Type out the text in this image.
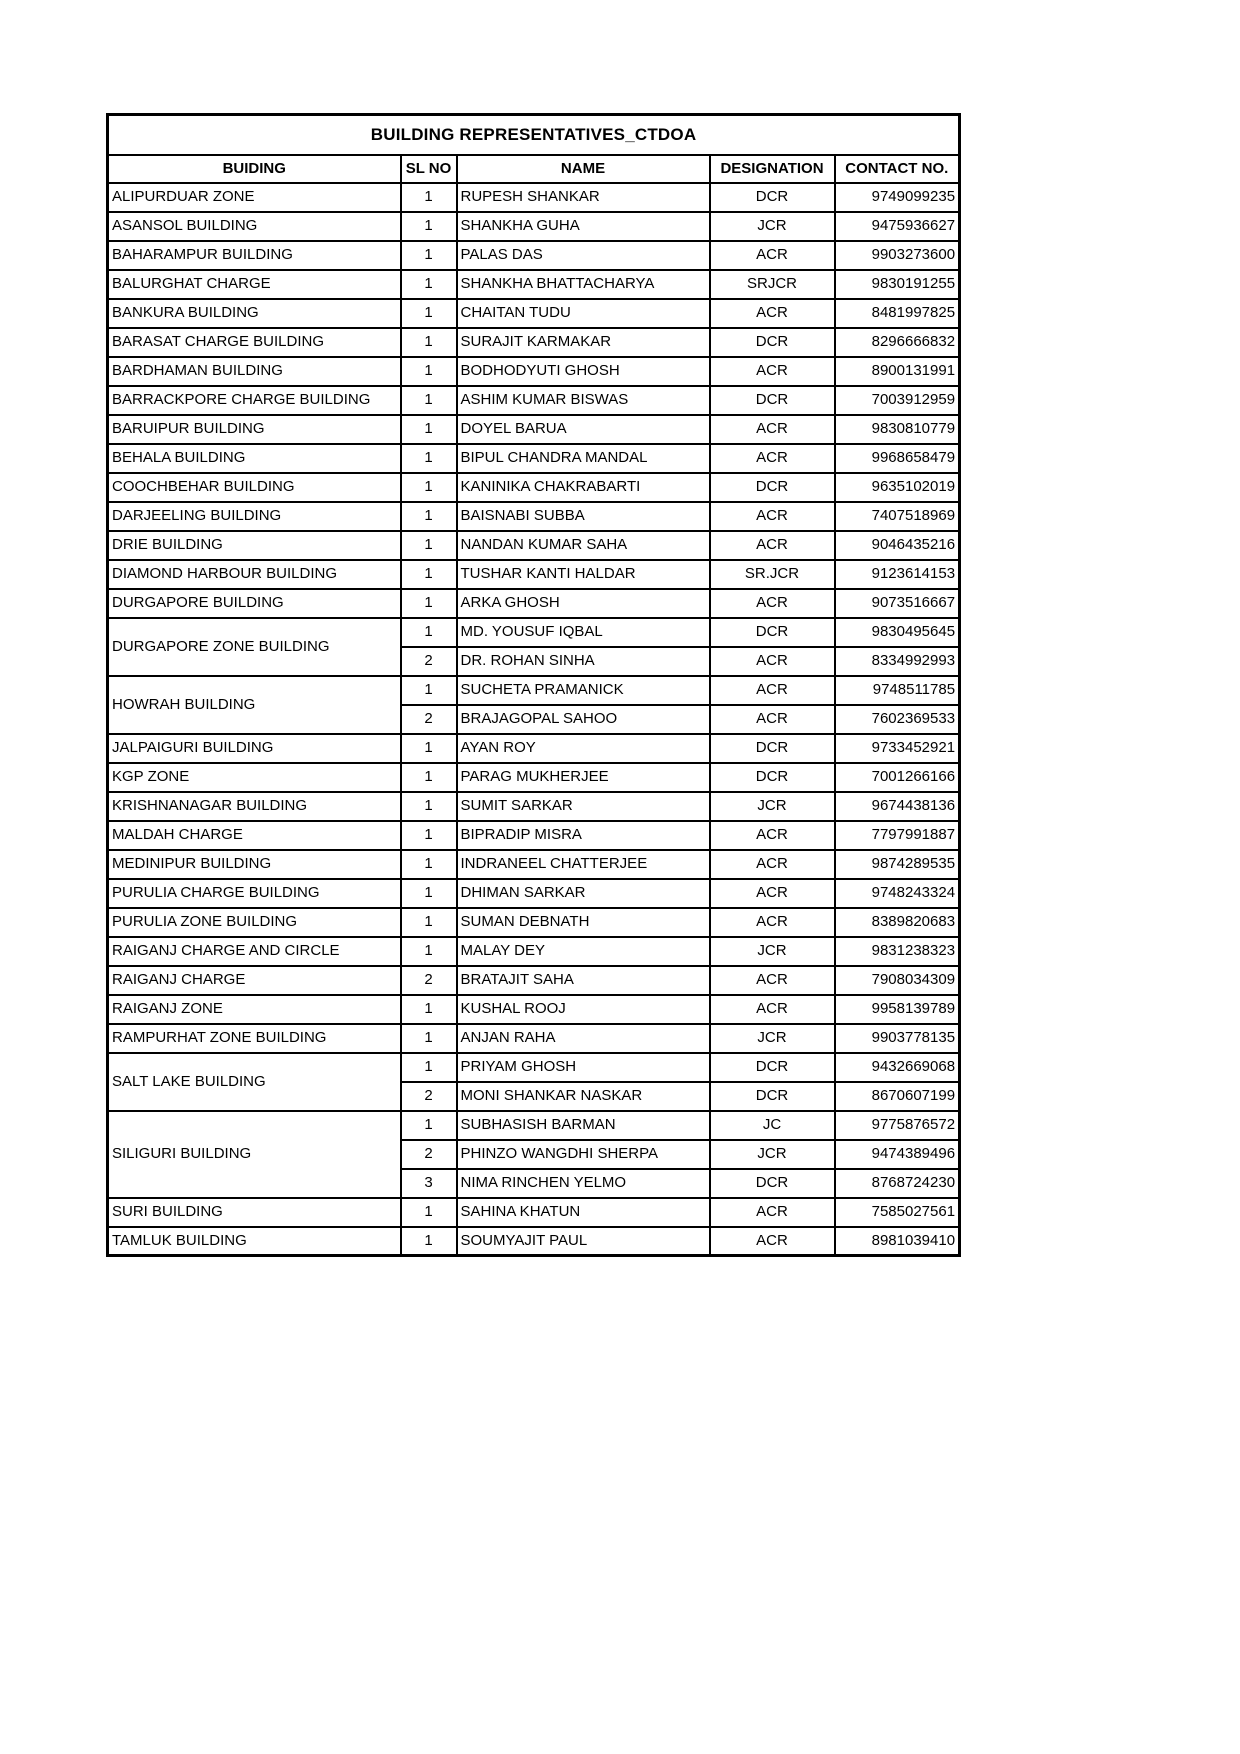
BUILDING REPRESENTATIVES_CTDOA				
BUIDING	SL NO	NAME	DESIGNATION	CONTACT NO.
ALIPURDUAR ZONE	1	RUPESH SHANKAR	DCR	9749099235
ASANSOL BUILDING	1	SHANKHA GUHA	JCR	9475936627
BAHARAMPUR BUILDING	1	PALAS DAS	ACR	9903273600
BALURGHAT CHARGE	1	SHANKHA BHATTACHARYA	SRJCR	9830191255
BANKURA BUILDING	1	CHAITAN TUDU	ACR	8481997825
BARASAT CHARGE BUILDING	1	SURAJIT KARMAKAR	DCR	8296666832
BARDHAMAN BUILDING	1	BODHODYUTI GHOSH	ACR	8900131991
BARRACKPORE CHARGE BUILDING	1	ASHIM KUMAR BISWAS	DCR	7003912959
BARUIPUR BUILDING	1	DOYEL BARUA	ACR	9830810779
BEHALA BUILDING	1	BIPUL CHANDRA MANDAL	ACR	9968658479
COOCHBEHAR BUILDING	1	KANINIKA CHAKRABARTI	DCR	9635102019
DARJEELING BUILDING	1	BAISNABI SUBBA	ACR	7407518969
DRIE BUILDING	1	NANDAN KUMAR SAHA	ACR	9046435216
DIAMOND HARBOUR BUILDING	1	TUSHAR KANTI HALDAR	SR.JCR	9123614153
DURGAPORE BUILDING	1	ARKA GHOSH	ACR	9073516667
DURGAPORE ZONE BUILDING	1	MD. YOUSUF IQBAL	DCR	9830495645
	2	DR. ROHAN SINHA	ACR	8334992993
HOWRAH BUILDING	1	SUCHETA PRAMANICK	ACR	9748511785
	2	BRAJAGOPAL SAHOO	ACR	7602369533
JALPAIGURI BUILDING	1	AYAN ROY	DCR	9733452921
KGP ZONE	1	PARAG MUKHERJEE	DCR	7001266166
KRISHNANAGAR BUILDING	1	SUMIT SARKAR	JCR	9674438136
MALDAH CHARGE	1	BIPRADIP MISRA	ACR	7797991887
MEDINIPUR BUILDING	1	INDRANEEL CHATTERJEE	ACR	9874289535
PURULIA CHARGE BUILDING	1	DHIMAN SARKAR	ACR	9748243324
PURULIA ZONE BUILDING	1	SUMAN DEBNATH	ACR	8389820683
RAIGANJ CHARGE AND CIRCLE	1	MALAY DEY	JCR	9831238323
RAIGANJ CHARGE	2	BRATAJIT SAHA	ACR	7908034309
RAIGANJ ZONE	1	KUSHAL ROOJ	ACR	9958139789
RAMPURHAT ZONE BUILDING	1	ANJAN RAHA	JCR	9903778135
SALT LAKE BUILDING	1	PRIYAM GHOSH	DCR	9432669068
	2	MONI SHANKAR NASKAR	DCR	8670607199
SILIGURI BUILDING	1	SUBHASISH BARMAN	JC	9775876572
	2	PHINZO WANGDHI SHERPA	JCR	9474389496
	3	NIMA RINCHEN YELMO	DCR	8768724230
SURI BUILDING	1	SAHINA KHATUN	ACR	7585027561
TAMLUK BUILDING	1	SOUMYAJIT PAUL	ACR	8981039410
